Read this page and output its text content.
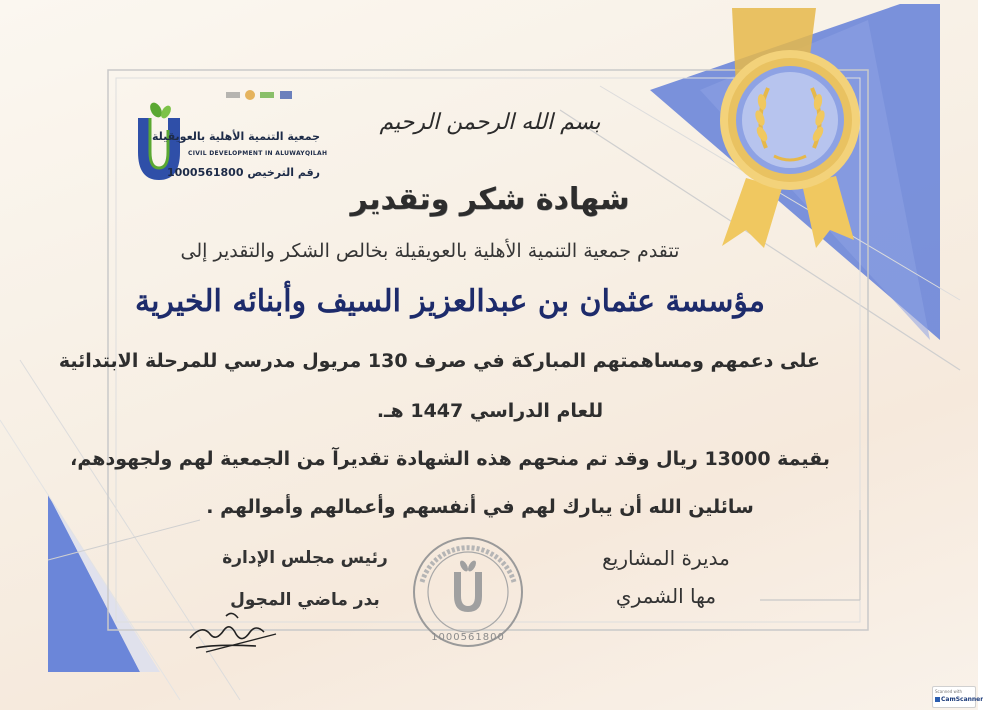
جمعية التنمية الأهلية بالعويقيلة
CIVIL DEVELOPMENT IN ALUWAYQILAH
رقم الترخيص 1000561800
بسم الله الرحمن الرحيم
شهادة شكر وتقدير
تتقدم جمعية التنمية الأهلية بالعويقيلة بخالص الشكر والتقدير إلى
مؤسسة عثمان بن عبدالعزيز السيف وأبنائه الخيرية
على دعمهم ومساهمتهم المباركة في صرف 130 مريول مدرسي للمرحلة الابتدائية
للعام الدراسي 1447 هـ.
بقيمة 13000 ريال وقد تم منحهم هذه الشهادة تقديرآ من الجمعية لهم ولجهودهم،
سائلين الله أن يبارك لهم في أنفسهم وأعمالهم وأموالهم .
مديرة المشاريع
مها الشمري
رئيس مجلس الإدارة
بدر ماضي المجول
1000561800
Scanned with
CamScanner
